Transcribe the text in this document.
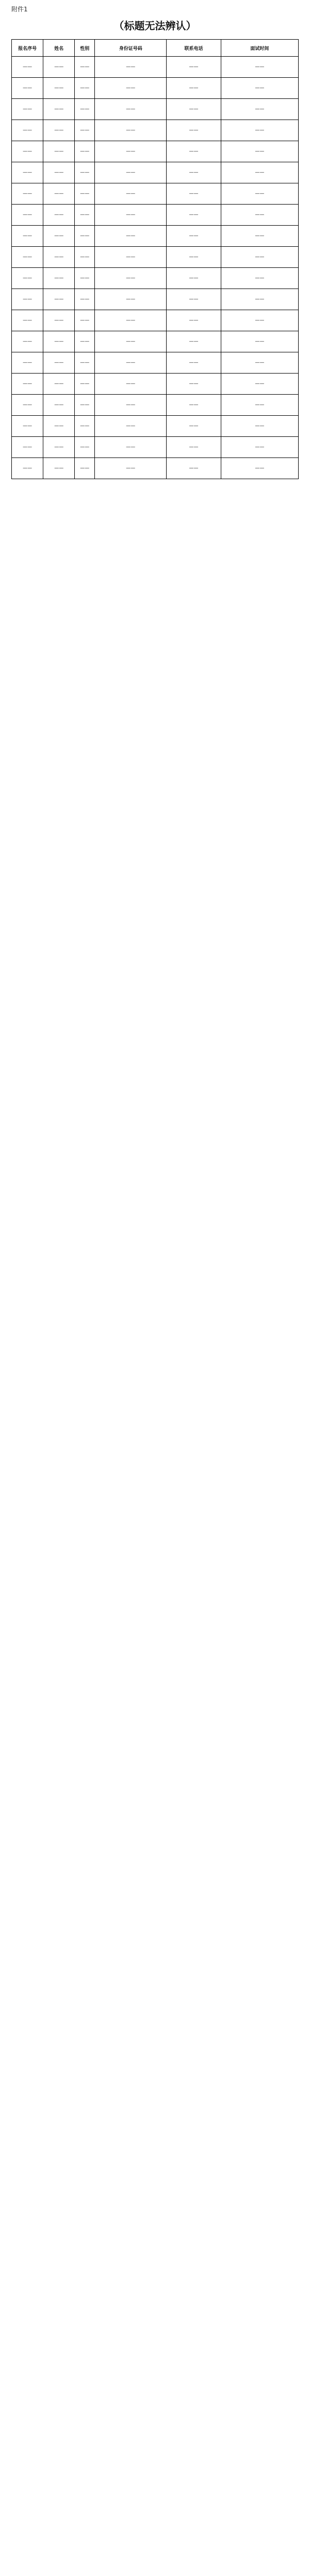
附件1
（标题无法辨认）
报名序号	姓名	性别	身份证号码	联系电话	面试时间
——	——	——	——	——	——
——	——	——	——	——	——
——	——	——	——	——	——
——	——	——	——	——	——
——	——	——	——	——	——
——	——	——	——	——	——
——	——	——	——	——	——
——	——	——	——	——	——
——	——	——	——	——	——
——	——	——	——	——	——
——	——	——	——	——	——
——	——	——	——	——	——
——	——	——	——	——	——
——	——	——	——	——	——
——	——	——	——	——	——
——	——	——	——	——	——
——	——	——	——	——	——
——	——	——	——	——	——
——	——	——	——	——	——
——	——	——	——	——	——
